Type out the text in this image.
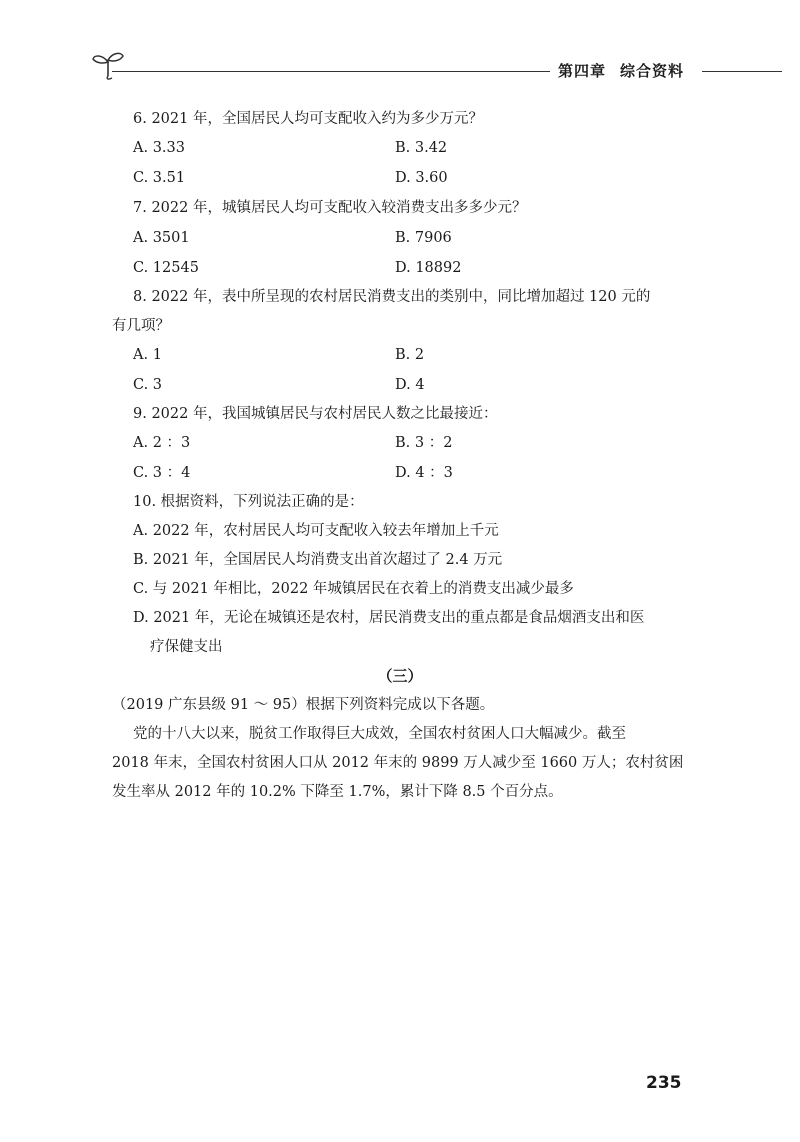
第四章 综合资料
6. 2021 年，全国居民人均可支配收入约为多少万元？
A. 3.33	B. 3.42
C. 3.51	D. 3.60
7. 2022 年，城镇居民人均可支配收入较消费支出多多少元？
A. 3501	B. 7906
C. 12545	D. 18892
8. 2022 年，表中所呈现的农村居民消费支出的类别中，同比增加超过 120 元的
有几项？
A. 1	B. 2
C. 3	D. 4
9. 2022 年，我国城镇居民与农村居民人数之比最接近：
A. 2 ：3	B. 3 ：2
C. 3 ：4	D. 4 ：3
10. 根据资料，下列说法正确的是：
A. 2022 年，农村居民人均可支配收入较去年增加上千元
B. 2021 年，全国居民人均消费支出首次超过了 2.4 万元
C. 与 2021 年相比，2022 年城镇居民在衣着上的消费支出减少最多
D. 2021 年，无论在城镇还是农村，居民消费支出的重点都是食品烟酒支出和医
疗保健支出
（三）
（2019 广东县级 91 ～ 95）根据下列资料完成以下各题。
党的十八大以来，脱贫工作取得巨大成效，全国农村贫困人口大幅减少。截至
2018 年末，全国农村贫困人口从 2012 年末的 9899 万人减少至 1660 万人；农村贫困
发生率从 2012 年的 10.2% 下降至 1.7%，累计下降 8.5 个百分点。
235
